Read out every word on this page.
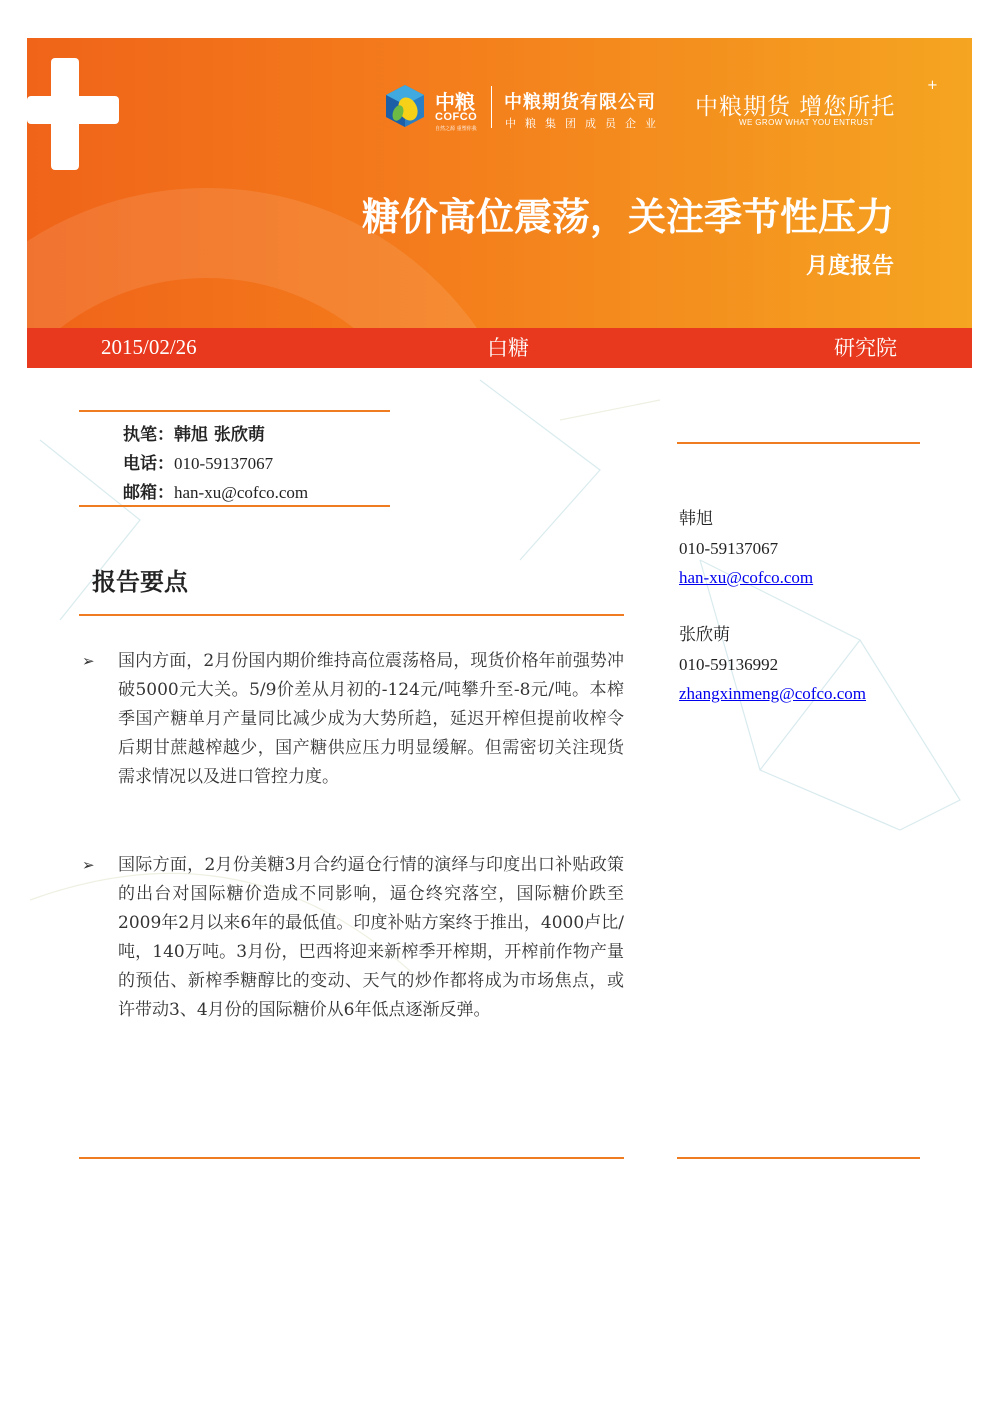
中粮
COFCO
自然之源 重塑你我
中粮期货有限公司
中粮集团成员企业
中粮期货 增您所托
+
WE GROW WHAT YOU ENTRUST
糖价高位震荡，关注季节性压力
月度报告
2015/02/26	白糖	研究院
执笔：韩旭 张欣萌
电话：010-59137067
邮箱：han-xu@cofco.com
报告要点
➢ 国内方面，2月份国内期价维持高位震荡格局，现货价格年前强势冲破5000元大关。5/9价差从月初的-124元/吨攀升至-8元/吨。本榨季国产糖单月产量同比减少成为大势所趋，延迟开榨但提前收榨令后期甘蔗越榨越少，国产糖供应压力明显缓解。但需密切关注现货需求情况以及进口管控力度。
➢ 国际方面，2月份美糖3月合约逼仓行情的演绎与印度出口补贴政策的出台对国际糖价造成不同影响，逼仓终究落空，国际糖价跌至2009年2月以来6年的最低值。印度补贴方案终于推出，4000卢比/吨，140万吨。3月份，巴西将迎来新榨季开榨期，开榨前作物产量的预估、新榨季糖醇比的变动、天气的炒作都将成为市场焦点，或许带动3、4月份的国际糖价从6年低点逐渐反弹。
韩旭
010-59137067
han-xu@cofco.com
张欣萌
010-59136992
zhangxinmeng@cofco.com
